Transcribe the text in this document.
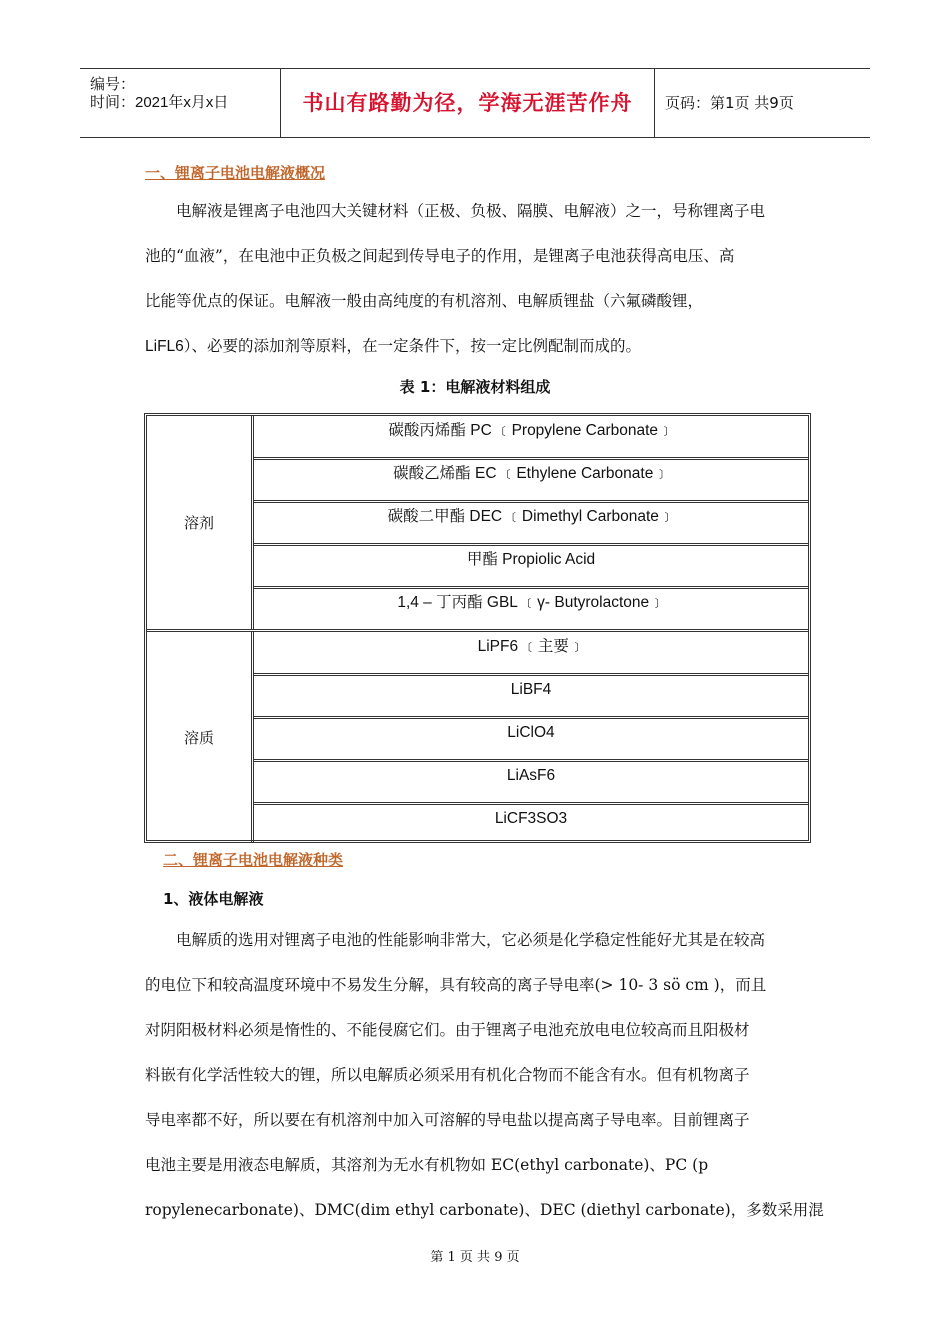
编号：
时间：2021年x月x日	书山有路勤为径，学海无涯苦作舟	页码：第1页 共9页
一、锂离子电池电解液概况
电解液是锂离子电池四大关键材料（正极、负极、隔膜、电解液）之一，号称锂离子电
池的“血液”，在电池中正负极之间起到传导电子的作用，是锂离子电池获得高电压、高
比能等优点的保证。电解液一般由高纯度的有机溶剂、电解质锂盐（六氟磷酸锂，
LiFL6）、必要的添加剂等原料，在一定条件下，按一定比例配制而成的。
表 1：电解液材料组成
溶剂
碳酸丙烯酯 PC ﹝Propylene Carbonate﹞
碳酸乙烯酯 EC ﹝Ethylene Carbonate﹞
碳酸二甲酯 DEC ﹝Dimethyl Carbonate﹞
甲酯 Propiolic Acid
1,4 – 丁丙酯 GBL ﹝γ- Butyrolactone﹞
溶质
LiPF6 ﹝主要﹞
LiBF4
LiClO4
LiAsF6
LiCF3SO3
二、锂离子电池电解液种类
1、液体电解液
电解质的选用对锂离子电池的性能影响非常大，它必须是化学稳定性能好尤其是在较高
的电位下和较高温度环境中不易发生分解，具有较高的离子导电率(> 10- 3 sö cm )，而且
对阴阳极材料必须是惰性的、不能侵腐它们。由于锂离子电池充放电电位较高而且阳极材
料嵌有化学活性较大的锂，所以电解质必须采用有机化合物而不能含有水。但有机物离子
导电率都不好，所以要在有机溶剂中加入可溶解的导电盐以提高离子导电率。目前锂离子
电池主要是用液态电解质，其溶剂为无水有机物如 EC(ethyl carbonate)、PC (p
ropylenecarbonate)、DMC(dim ethyl carbonate)、DEC (diethyl carbonate)，多数采用混
第 1 页 共 9 页
